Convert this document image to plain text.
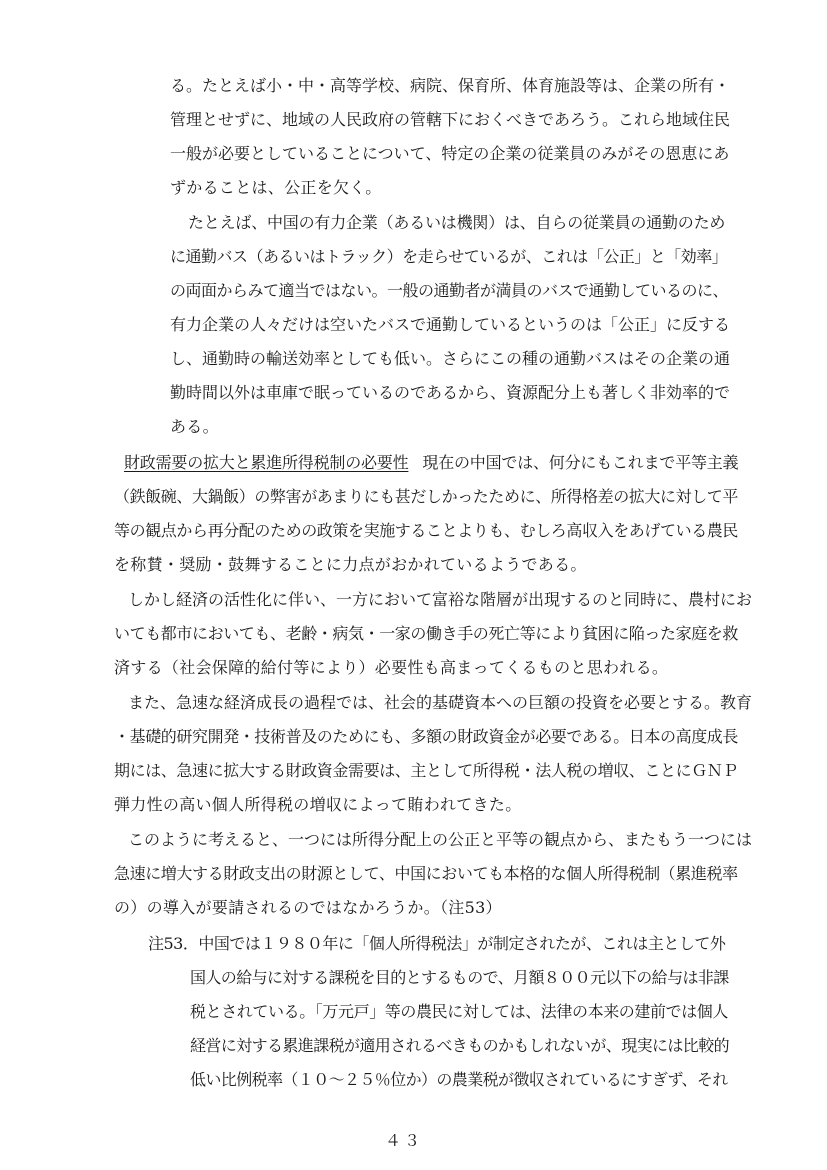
る。たとえば小・中・高等学校、病院、保育所、体育施設等は、企業の所有・
管理とせずに、地域の人民政府の管轄下におくべきであろう。これら地域住民
一般が必要としていることについて、特定の企業の従業員のみがその恩恵にあ
ずかることは、公正を欠く。
たとえば、中国の有力企業（あるいは機関）は、自らの従業員の通勤のため
に通勤バス（あるいはトラック）を走らせているが、これは「公正」と「効率」
の両面からみて適当ではない。一般の通勤者が満員のバスで通勤しているのに、
有力企業の人々だけは空いたバスで通勤しているというのは「公正」に反する
し、通勤時の輸送効率としても低い。さらにこの種の通勤バスはその企業の通
勤時間以外は車庫で眠っているのであるから、資源配分上も著しく非効率的で
ある。
財政需要の拡大と累進所得税制の必要性 現在の中国では、何分にもこれまで平等主義
（鉄飯碗、大鍋飯）の弊害があまりにも甚だしかったために、所得格差の拡大に対して平
等の観点から再分配のための政策を実施することよりも、むしろ高収入をあげている農民
を称賛・奨励・鼓舞することに力点がおかれているようである。
しかし経済の活性化に伴い、一方において富裕な階層が出現するのと同時に、農村にお
いても都市においても、老齢・病気・一家の働き手の死亡等により貧困に陥った家庭を救
済する（社会保障的給付等により）必要性も高まってくるものと思われる。
また、急速な経済成長の過程では、社会的基礎資本への巨額の投資を必要とする。教育
・基礎的研究開発・技術普及のためにも、多額の財政資金が必要である。日本の高度成長
期には、急速に拡大する財政資金需要は、主として所得税・法人税の増収、ことにＧＮＰ
弾力性の高い個人所得税の増収によって賄われてきた。
このように考えると、一つには所得分配上の公正と平等の観点から、またもう一つには
急速に増大する財政支出の財源として、中国においても本格的な個人所得税制（累進税率
の）の導入が要請されるのではなかろうか。（注53）
注53．中国では１９８０年に「個人所得税法」が制定されたが、これは主として外
国人の給与に対する課税を目的とするもので、月額８００元以下の給与は非課
税とされている。「万元戸」等の農民に対しては、法律の本来の建前では個人
経営に対する累進課税が適用されるべきものかもしれないが、現実には比較的
低い比例税率（１０～２５％位か）の農業税が徴収されているにすぎず、それ
４３
